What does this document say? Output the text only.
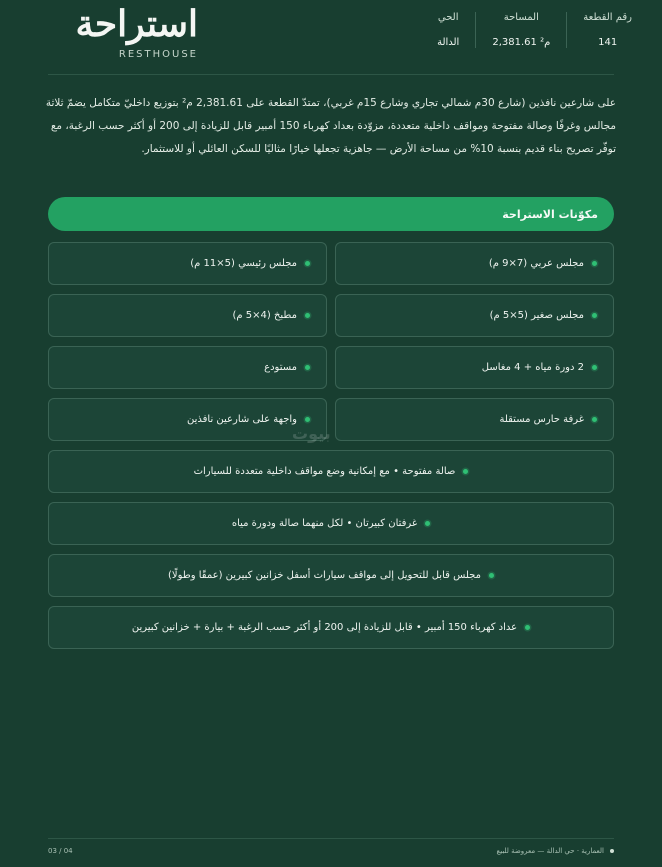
رقم القطعة
141
المساحة
2,381.61 م²
الحي
الدالة
استراحة
RESTHOUSE

على شارعين نافذين (شارع 30م شمالي تجاري وشارع 15م غربي)، تمتدّ القطعة على 2,381.61 م² بتوزيع داخليّ متكامل يضمّ ثلاثة مجالس وغرفًا وصالة مفتوحة ومواقف داخلية متعددة، مزوّدة بعداد كهرباء 150 أمبير قابل للزيادة إلى 200 أو أكثر حسب الرغبة، مع توفّر تصريح بناء قديم بنسبة 10% من مساحة الأرض — جاهزية تجعلها خيارًا مثاليًا للسكن العائلي أو للاستثمار.

مكوّنات الاستراحة
مجلس عربي (7×9 م)
مجلس رئيسي (5×11 م)
مجلس صغير (5×5 م)
مطبخ (4×5 م)
2 دورة مياه + 4 مغاسل
مستودع
غرفة حارس مستقلة
واجهة على شارعين نافذين
صالة مفتوحة • مع إمكانية وضع مواقف داخلية متعددة للسيارات
غرفتان كبيرتان • لكل منهما صالة ودورة مياه
مجلس قابل للتحويل إلى مواقف سيارات أسفل خزانين كبيرين (عمقًا وطولًا)
عداد كهرباء 150 أمبير • قابل للزيادة إلى 200 أو أكثر حسب الرغبة + بيارة + خزانين كبيرين
بيوت
العمارية · حي الدالة — معروضة للبيع
03 / 04
